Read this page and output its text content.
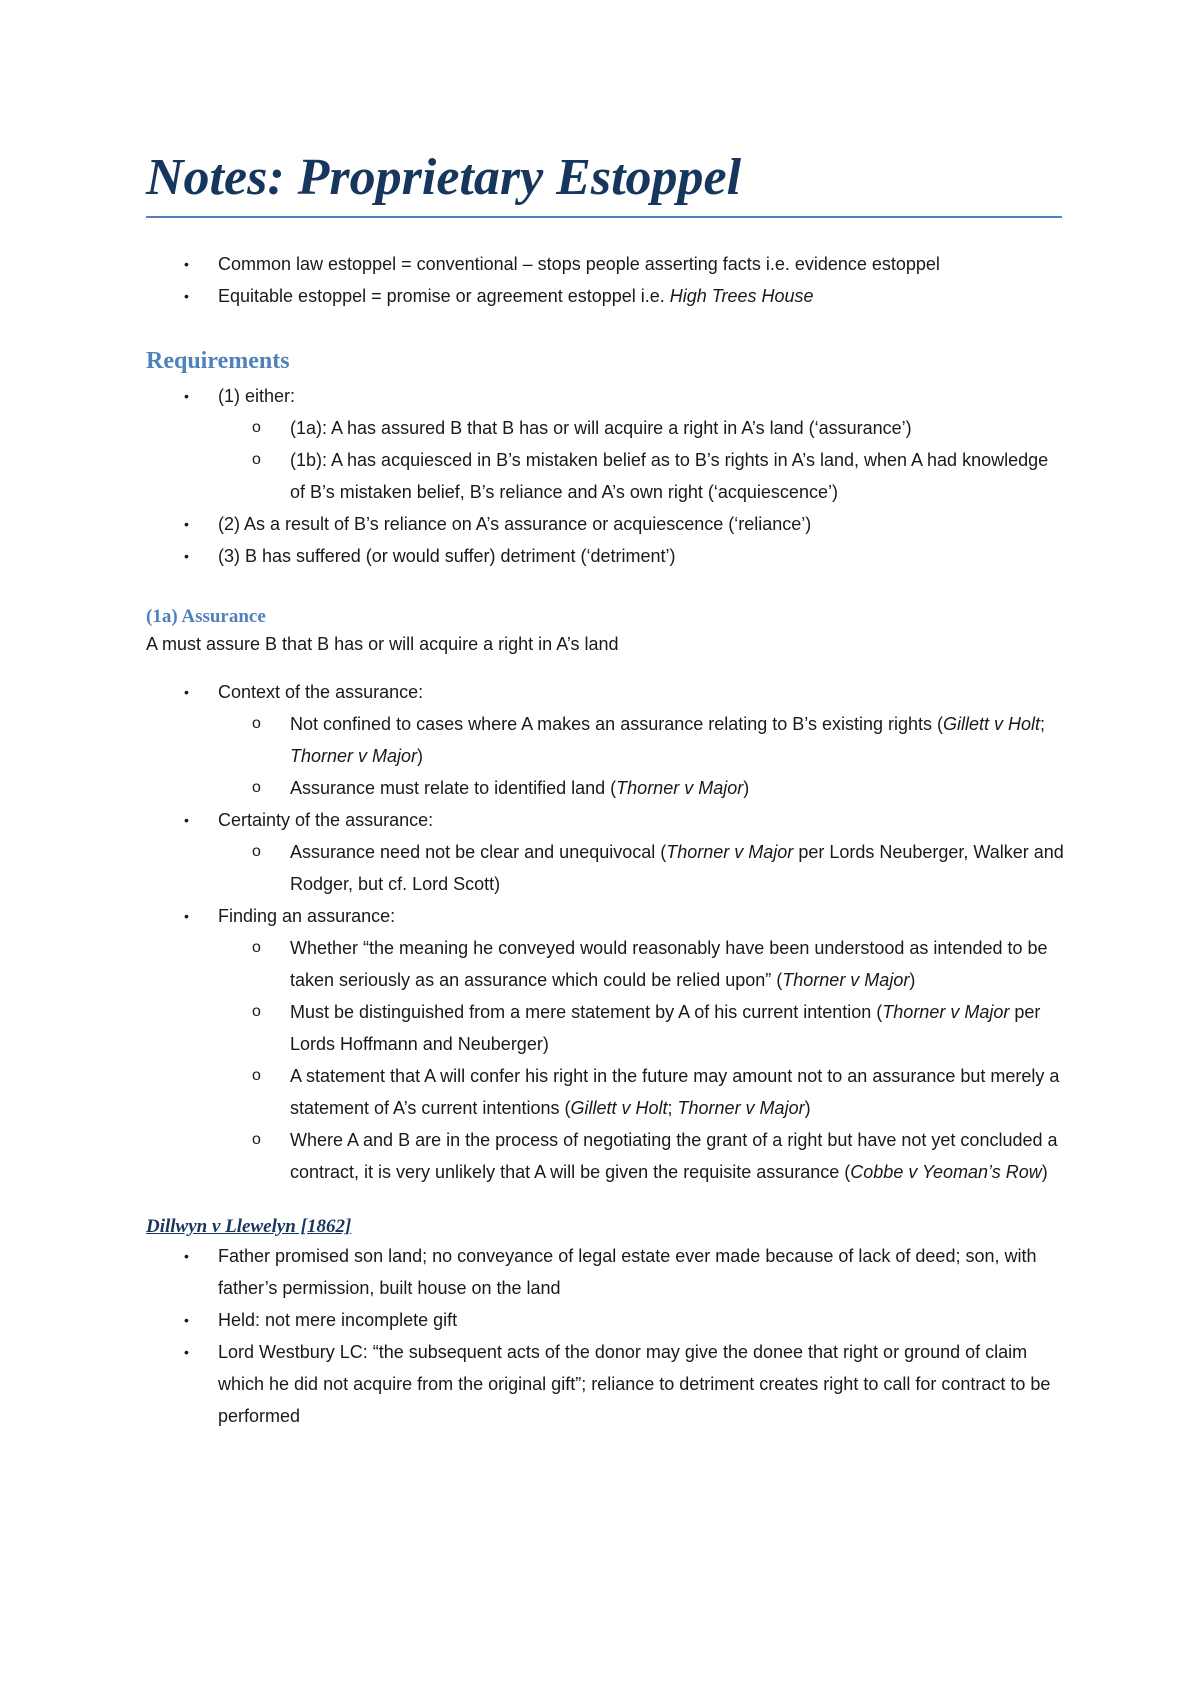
Notes: Proprietary Estoppel
• Common law estoppel = conventional – stops people asserting facts i.e. evidence estoppel
• Equitable estoppel = promise or agreement estoppel i.e. High Trees House
Requirements
• (1) either:
o (1a): A has assured B that B has or will acquire a right in A’s land (‘assurance’)
o (1b): A has acquiesced in B’s mistaken belief as to B’s rights in A’s land, when A had knowledge of B’s mistaken belief, B’s reliance and A’s own right (‘acquiescence’)
• (2) As a result of B’s reliance on A’s assurance or acquiescence (‘reliance’)
• (3) B has suffered (or would suffer) detriment (‘detriment’)
(1a) Assurance

A must assure B that B has or will acquire a right in A’s land

• Context of the assurance:
o Not confined to cases where A makes an assurance relating to B’s existing rights (Gillett v Holt; Thorner v Major)
o Assurance must relate to identified land (Thorner v Major)
• Certainty of the assurance:
o Assurance need not be clear and unequivocal (Thorner v Major per Lords Neuberger, Walker and Rodger, but cf. Lord Scott)
• Finding an assurance:
o Whether “the meaning he conveyed would reasonably have been understood as intended to be taken seriously as an assurance which could be relied upon” (Thorner v Major)
o Must be distinguished from a mere statement by A of his current intention (Thorner v Major per Lords Hoffmann and Neuberger)
o A statement that A will confer his right in the future may amount not to an assurance but merely a statement of A’s current intentions (Gillett v Holt; Thorner v Major)
o Where A and B are in the process of negotiating the grant of a right but have not yet concluded a contract, it is very unlikely that A will be given the requisite assurance (Cobbe v Yeoman’s Row)
Dillwyn v Llewelyn [1862]
• Father promised son land; no conveyance of legal estate ever made because of lack of deed; son, with father’s permission, built house on the land
• Held: not mere incomplete gift
• Lord Westbury LC: “the subsequent acts of the donor may give the donee that right or ground of claim which he did not acquire from the original gift”; reliance to detriment creates right to call for contract to be performed
